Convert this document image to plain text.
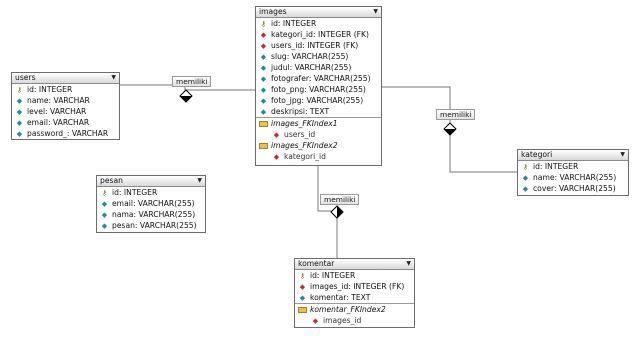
memiliki
memiliki
memiliki
images	▼
⚷ id: INTEGER
◆ kategori_id: INTEGER (FK)
◆ users_id: INTEGER (FK)
◆ slug: VARCHAR(255)
◆ judul: VARCHAR(255)
◆ fotografer: VARCHAR(255)
◆ foto_png: VARCHAR(255)
◆ foto_jpg: VARCHAR(255)
◆ deskripsi: TEXT
images_FKIndex1
◆ users_id
images_FKIndex2
◆ kategori_id
users	▼
⚷ id: INTEGER
◆ name: VARCHAR
◆ level: VARCHAR
◆ email: VARCHAR
◆ password_: VARCHAR
pesan	▼
⚷ id: INTEGER
◆ email: VARCHAR(255)
◆ nama: VARCHAR(255)
◆ pesan: VARCHAR(255)
kategori	▼
⚷ id: INTEGER
◆ name: VARCHAR(255)
◆ cover: VARCHAR(255)
komentar	▼
⚷ id: INTEGER
◆ images_id: INTEGER (FK)
◆ komentar: TEXT
komentar_FKIndex2
◆ images_id
